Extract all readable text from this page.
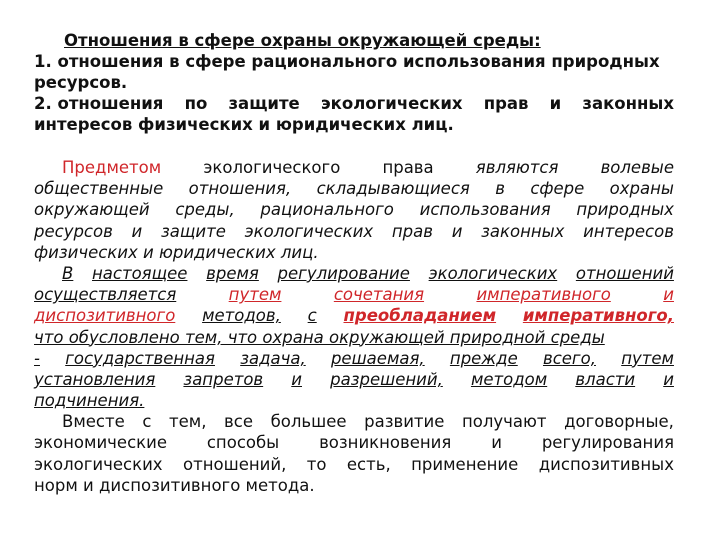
Отношения в сфере охраны окружающей среды:
1. отношения в сфере рационального использования природных
ресурсов.
2. отношения по защите экологических прав и законных
интересов физических и юридических лиц.
Предметом	экологического	права	являются	волевые
общественные отношения, складывающиеся в сфере охраны
окружающей среды, рационального использования природных
ресурсов и защите экологических прав и законных интересов
физических и юридических лиц.
В настоящее время регулирование экологических отношений
осуществляется	путем	сочетания	императивного	и
диспозитивного методов, с преобладанием императивного,
что обусловлено тем, что охрана окружающей природной среды
- государственная задача, решаемая, прежде всего, путем
установления запретов и разрешений, методом власти и
подчинения.
Вместе с тем, все большее развитие получают договорные,
экономические способы возникновения и регулирования
экологических отношений, то есть, применение диспозитивных
норм и диспозитивного метода.
